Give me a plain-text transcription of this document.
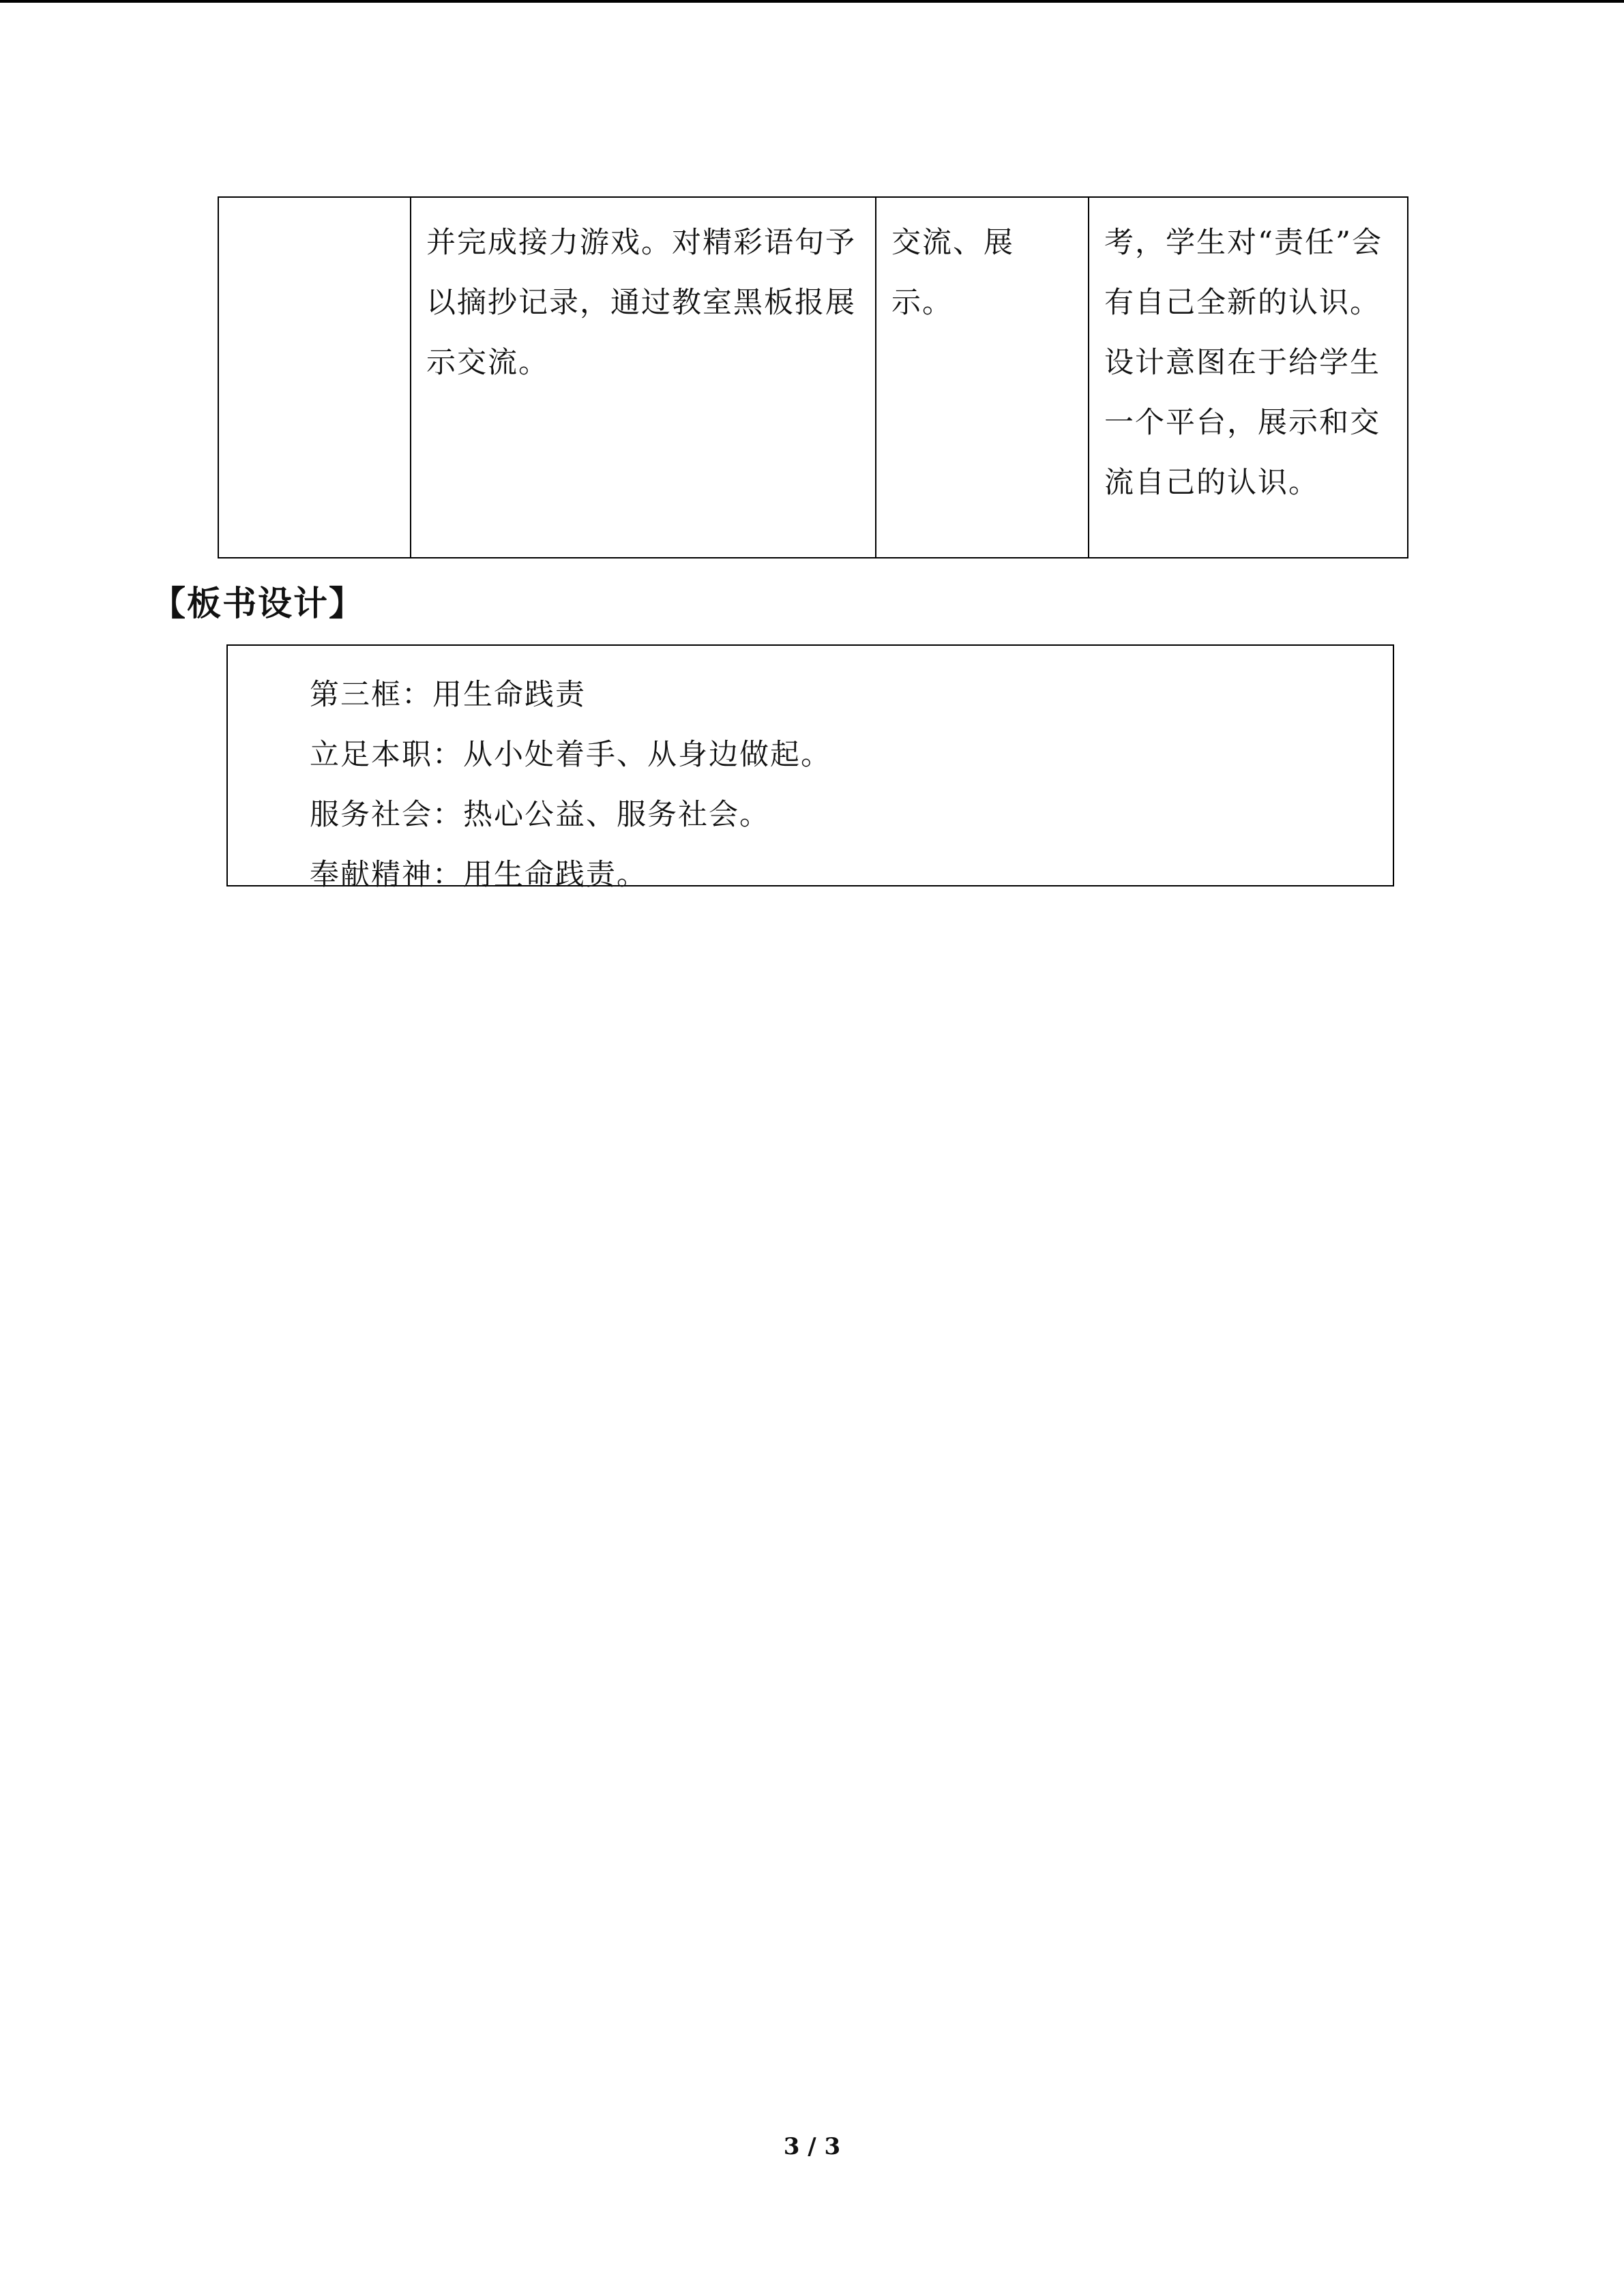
	并完成接力游戏。对精彩语句予以摘抄记录，通过教室黑板报展示交流。	交流、展示。	考，学生对“责任”会有自己全新的认识。设计意图在于给学生一个平台，展示和交流自己的认识。
【板书设计】
第三框：用生命践责
立足本职：从小处着手、从身边做起。
服务社会：热心公益、服务社会。
奉献精神：用生命践责。
3 / 3
